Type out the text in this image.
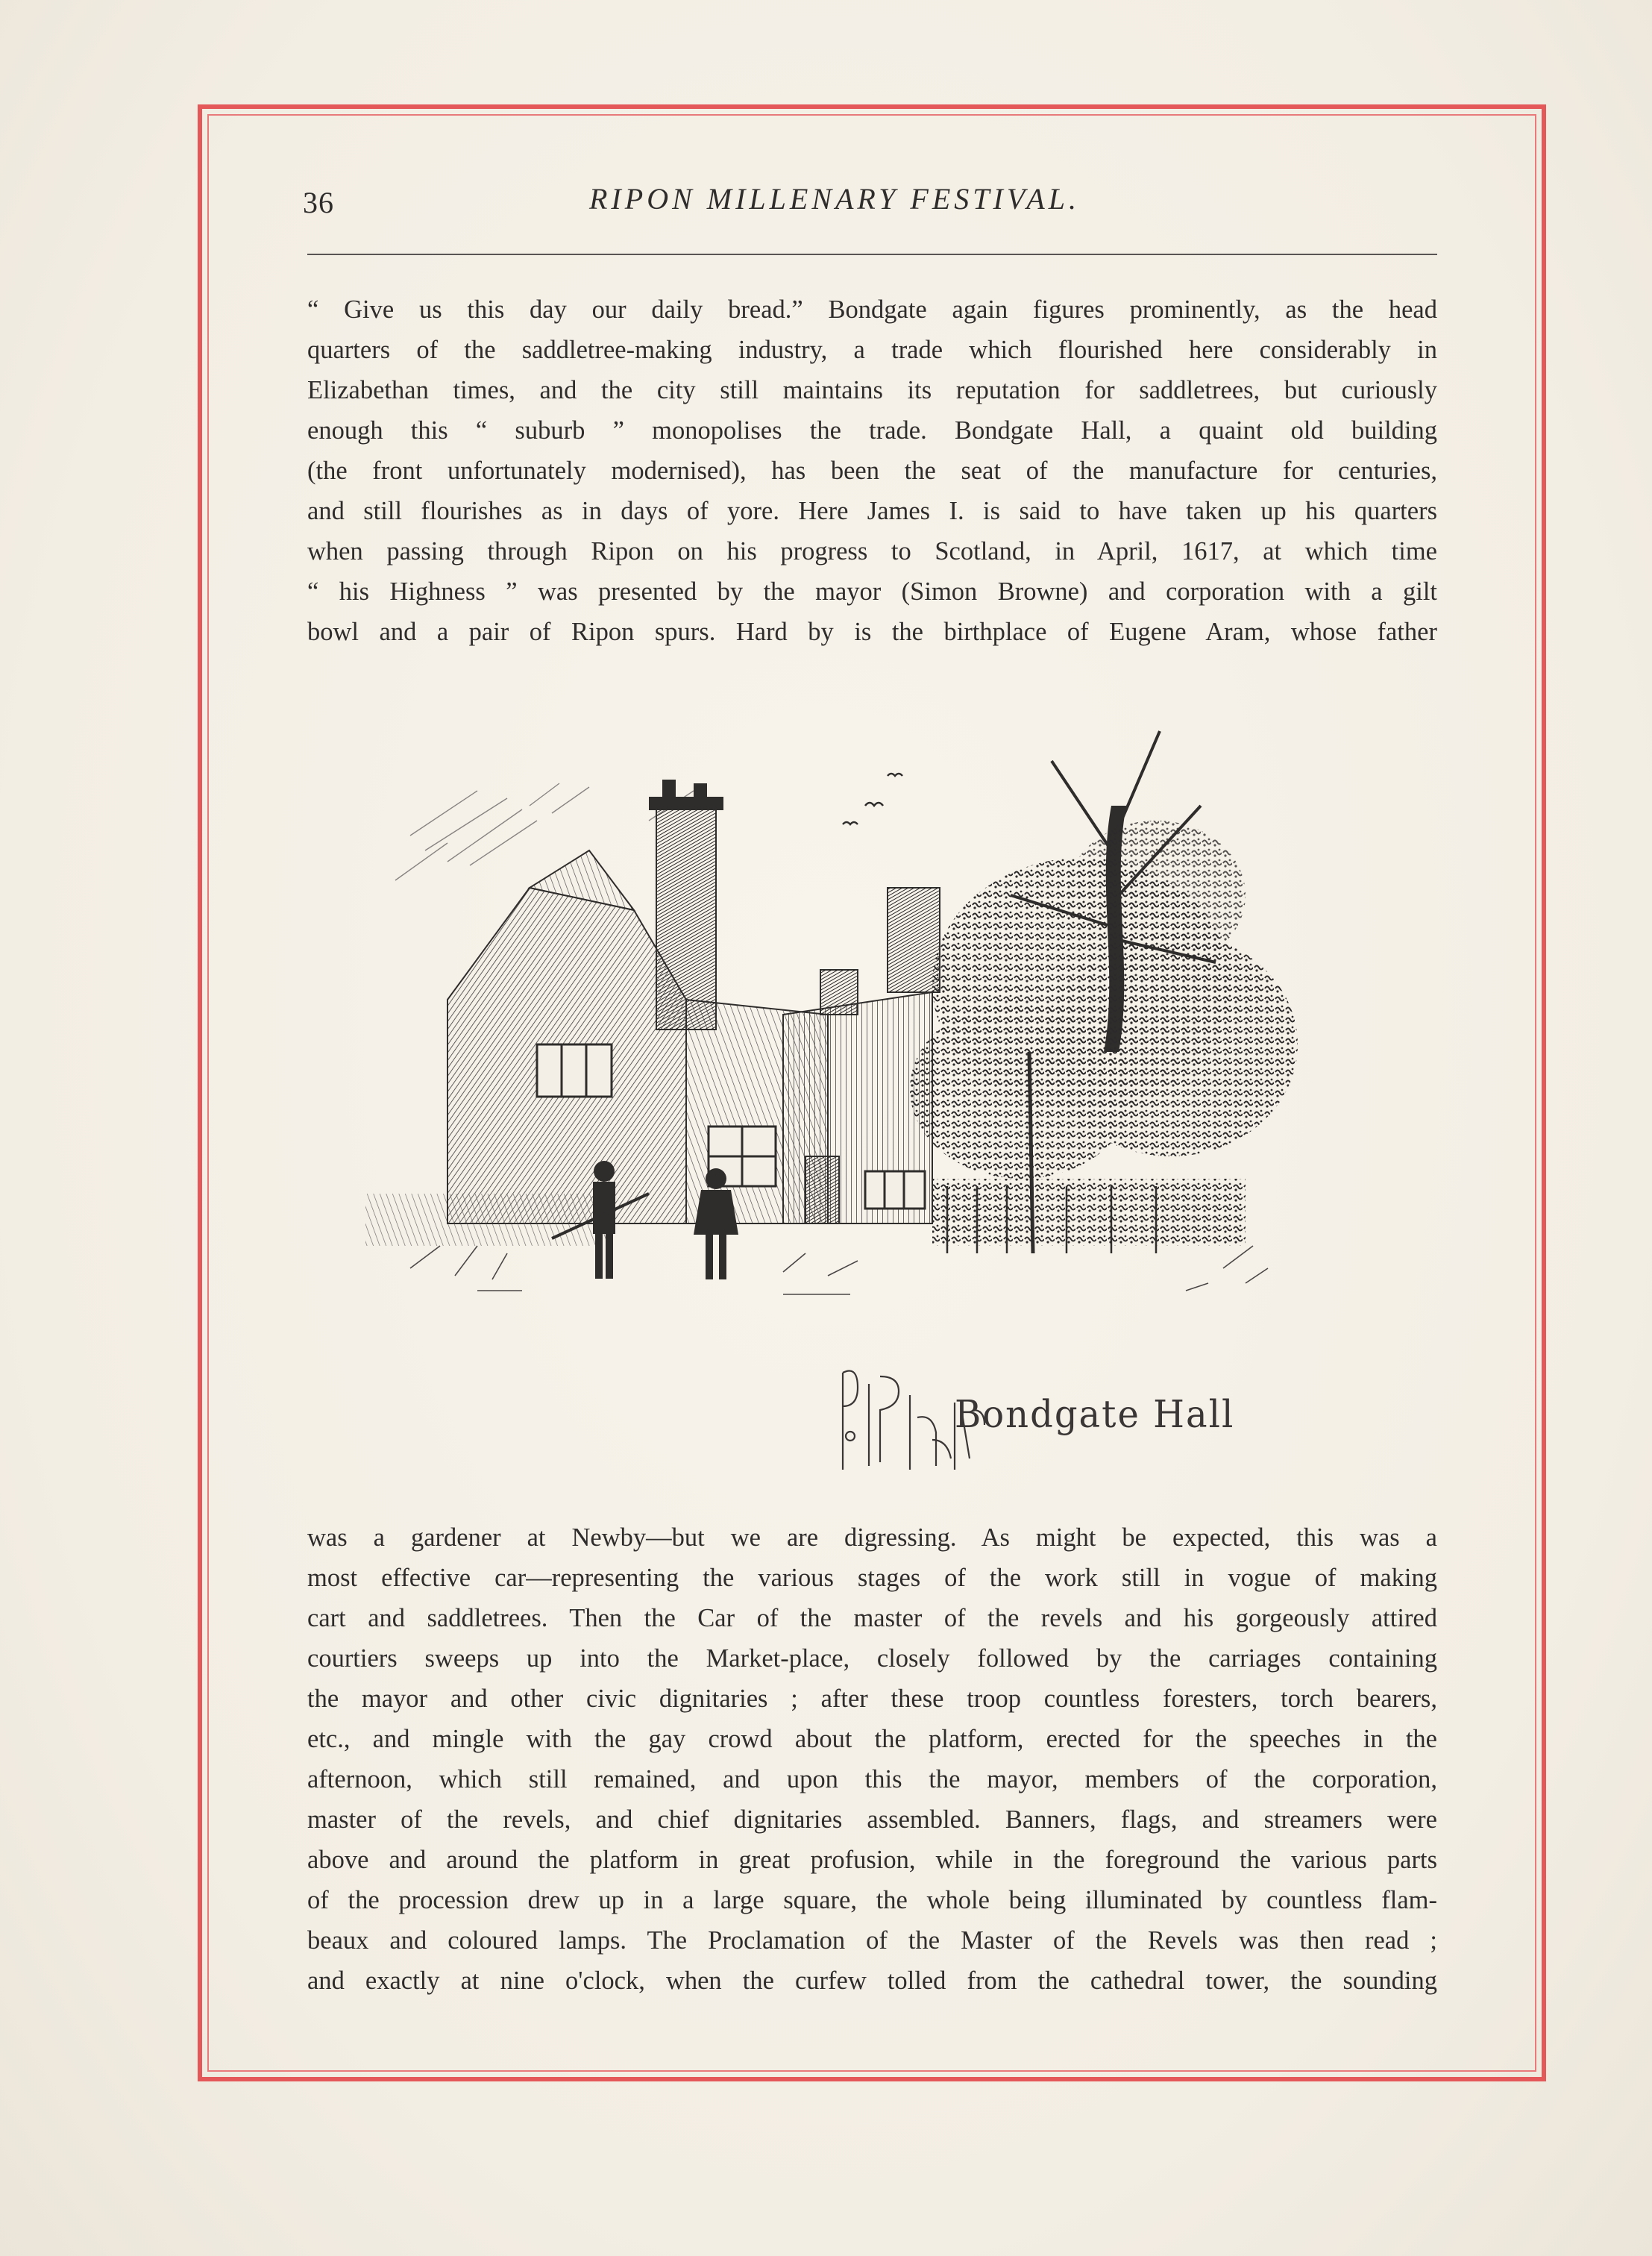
36	RIPON MILLENARY FESTIVAL.
“ Give us this day our daily bread.” Bondgate again figures prominently, as the head
quarters of the saddletree-making industry, a trade which flourished here considerably in
Elizabethan times, and the city still maintains its reputation for saddletrees, but curiously
enough this “ suburb ” monopolises the trade. Bondgate Hall, a quaint old building
(the front unfortunately modernised), has been the seat of the manufacture for centuries,
and still flourishes as in days of yore. Here James I. is said to have taken up his quarters
when passing through Ripon on his progress to Scotland, in April, 1617, at which time
“ his Highness ” was presented by the mayor (Simon Browne) and corporation with a gilt
bowl and a pair of Ripon spurs. Hard by is the birthplace of Eugene Aram, whose father
Bondgate Hall
was a gardener at Newby—but we are digressing. As might be expected, this was a
most effective car—representing the various stages of the work still in vogue of making
cart and saddletrees. Then the Car of the master of the revels and his gorgeously attired
courtiers sweeps up into the Market-place, closely followed by the carriages containing
the mayor and other civic dignitaries ; after these troop countless foresters, torch bearers,
etc., and mingle with the gay crowd about the platform, erected for the speeches in the
afternoon, which still remained, and upon this the mayor, members of the corporation,
master of the revels, and chief dignitaries assembled. Banners, flags, and streamers were
above and around the platform in great profusion, while in the foreground the various parts
of the procession drew up in a large square, the whole being illuminated by countless flam-
beaux and coloured lamps. The Proclamation of the Master of the Revels was then read ;
and exactly at nine o'clock, when the curfew tolled from the cathedral tower, the sounding
